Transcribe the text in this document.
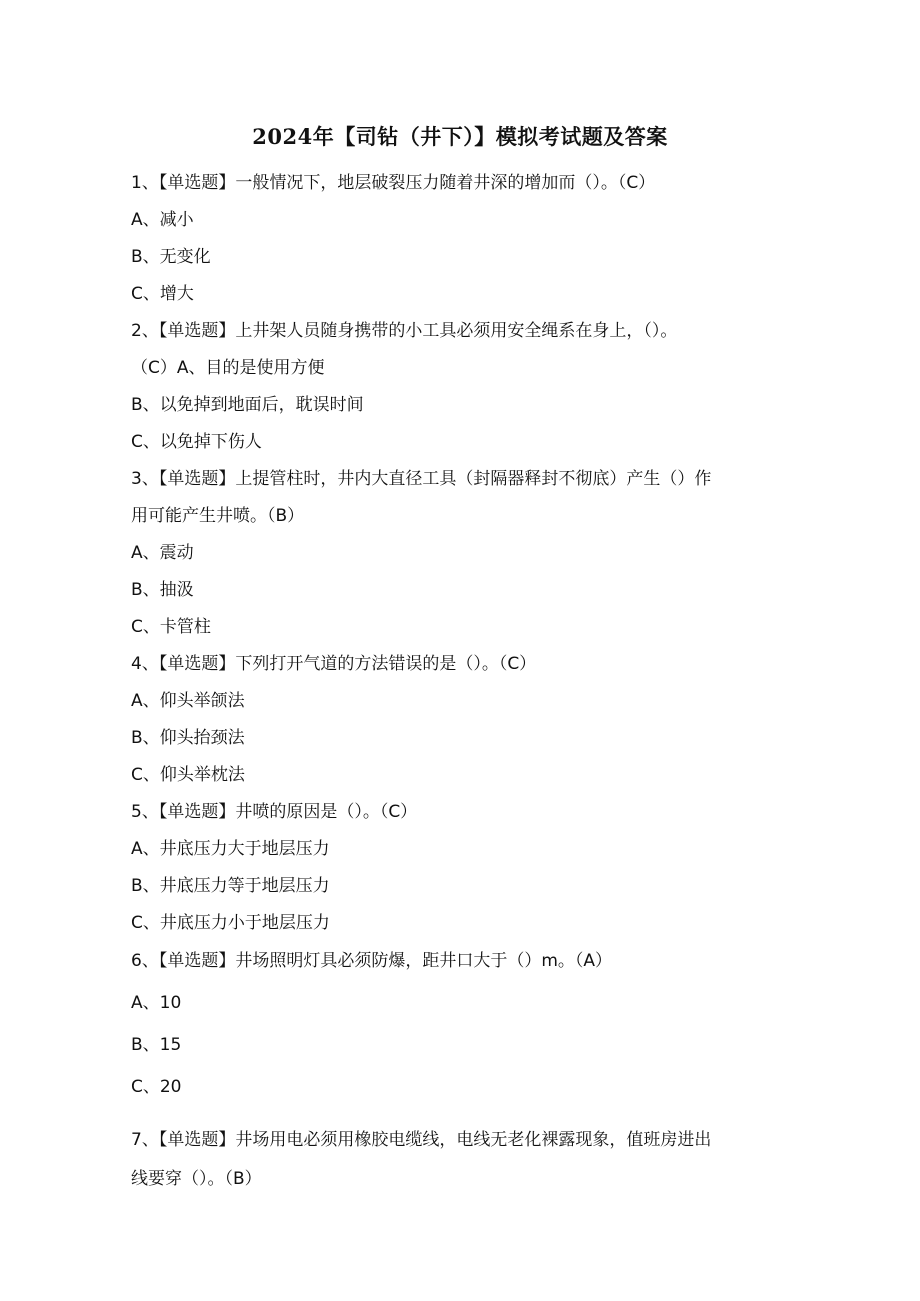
2024年【司钻（井下）】模拟考试题及答案
1、【单选题】一般情况下，地层破裂压力随着井深的增加而（）。（C）
A、减小
B、无变化
C、增大
2、【单选题】上井架人员随身携带的小工具必须用安全绳系在身上，（）。
（C）A、目的是使用方便
B、以免掉到地面后，耽误时间
C、以免掉下伤人
3、【单选题】上提管柱时，井内大直径工具（封隔器释封不彻底）产生（）作
用可能产生井喷。（B）
A、震动
B、抽汲
C、卡管柱
4、【单选题】下列打开气道的方法错误的是（）。（C）
A、仰头举颌法
B、仰头抬颈法
C、仰头举枕法
5、【单选题】井喷的原因是（）。（C）
A、井底压力大于地层压力
B、井底压力等于地层压力
C、井底压力小于地层压力
6、【单选题】井场照明灯具必须防爆，距井口大于（）m。（A）
A、10
B、15
C、20
7、【单选题】井场用电必须用橡胶电缆线，电线无老化裸露现象，值班房进出
线要穿（）。（B）
